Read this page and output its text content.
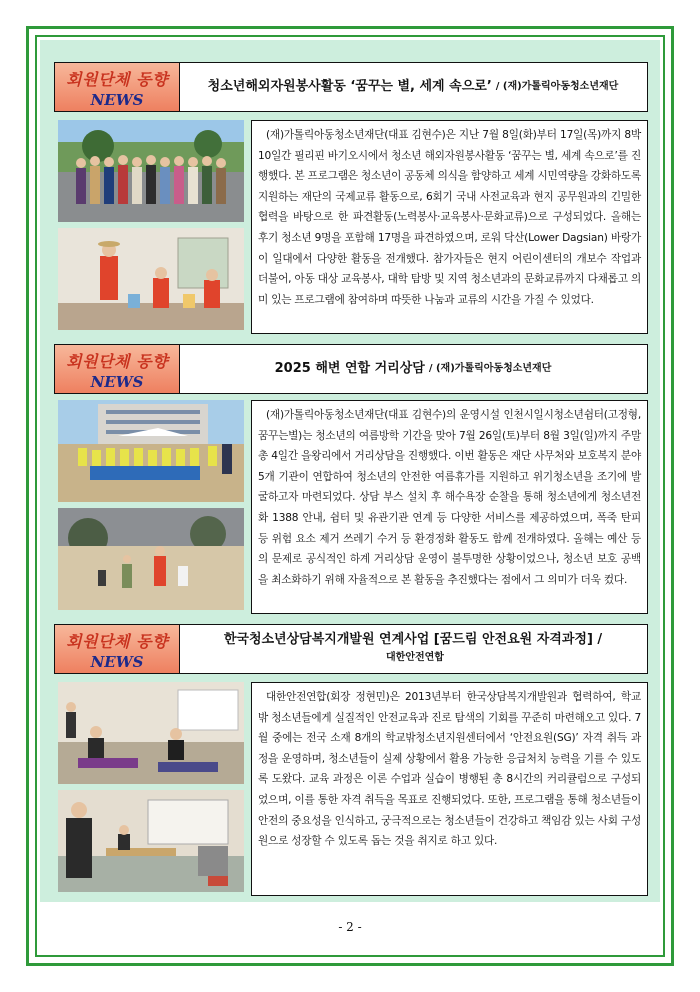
회원단체 동향
NEWS
청소년해외자원봉사활동 ‘꿈꾸는 별, 세계 속으로’ / (재)가톨릭아동청소년재단
(재)가톨릭아동청소년재단(대표 김현수)은 지난 7월 8일(화)부터 17일(목)까지 8박 10일간 필리핀 바기오시에서 청소년 해외자원봉사활동 ‘꿈꾸는 별, 세계 속으로’를 진행했다. 본 프로그램은 청소년이 공동체 의식을 함양하고 세계 시민역량을 강화하도록 지원하는 재단의 국제교류 활동으로, 6회기 국내 사전교육과 현지 공무원과의 긴밀한 협력을 바탕으로 한 파견활동(노력봉사·교육봉사·문화교류)으로 구성되었다. 올해는 후기 청소년 9명을 포함해 17명을 파견하였으며, 로워 닥산(Lower Dagsian) 바랑가이 일대에서 다양한 활동을 전개했다. 참가자들은 현지 어린이센터의 개보수 작업과 더불어, 아동 대상 교육봉사, 대학 탐방 및 지역 청소년과의 문화교류까지 다채롭고 의미 있는 프로그램에 참여하며 따뜻한 나눔과 교류의 시간을 가질 수 있었다.
회원단체 동향
NEWS
2025 해변 연합 거리상담 / (재)가톨릭아동청소년재단
(재)가톨릭아동청소년재단(대표 김현수)의 운영시설 인천시일시청소년쉼터(고정형, 꿈꾸는별)는 청소년의 여름방학 기간을 맞아 7월 26일(토)부터 8월 3일(일)까지 주말 총 4일간 을왕리에서 거리상담을 진행했다. 이번 활동은 재단 사무처와 보호복지 분야 5개 기관이 연합하여 청소년의 안전한 여름휴가를 지원하고 위기청소년을 조기에 발굴하고자 마련되었다. 상담 부스 설치 후 해수욕장 순찰을 통해 청소년에게 청소년전화 1388 안내, 쉼터 및 유관기관 연계 등 다양한 서비스를 제공하였으며, 폭죽 탄피 등 위험 요소 제거 쓰레기 수거 등 환경정화 활동도 함께 전개하였다. 올해는 예산 등의 문제로 공식적인 하계 거리상담 운영이 불투명한 상황이었으나, 청소년 보호 공백을 최소화하기 위해 자율적으로 본 활동을 추진했다는 점에서 그 의미가 더욱 컸다.
회원단체 동향
NEWS
한국청소년상담복지개발원 연계사업 [꿈드림 안전요원 자격과정] /
대한안전연합
대한안전연합(회장 정현민)은 2013년부터 한국상담복지개발원과 협력하여, 학교 밖 청소년들에게 실질적인 안전교육과 진로 탐색의 기회를 꾸준히 마련해오고 있다. 7월 중에는 전국 소재 8개의 학교밖청소년지원센터에서 ‘안전요원(SG)’ 자격 취득 과정을 운영하며, 청소년들이 실제 상황에서 활용 가능한 응급처치 능력을 기를 수 있도록 도왔다. 교육 과정은 이론 수업과 실습이 병행된 총 8시간의 커리큘럼으로 구성되었으며, 이를 통한 자격 취득을 목표로 진행되었다. 또한, 프로그램을 통해 청소년들이 안전의 중요성을 인식하고, 궁극적으로는 청소년들이 건강하고 책임감 있는 사회 구성원으로 성장할 수 있도록 돕는 것을 취지로 하고 있다.
- 2 -
